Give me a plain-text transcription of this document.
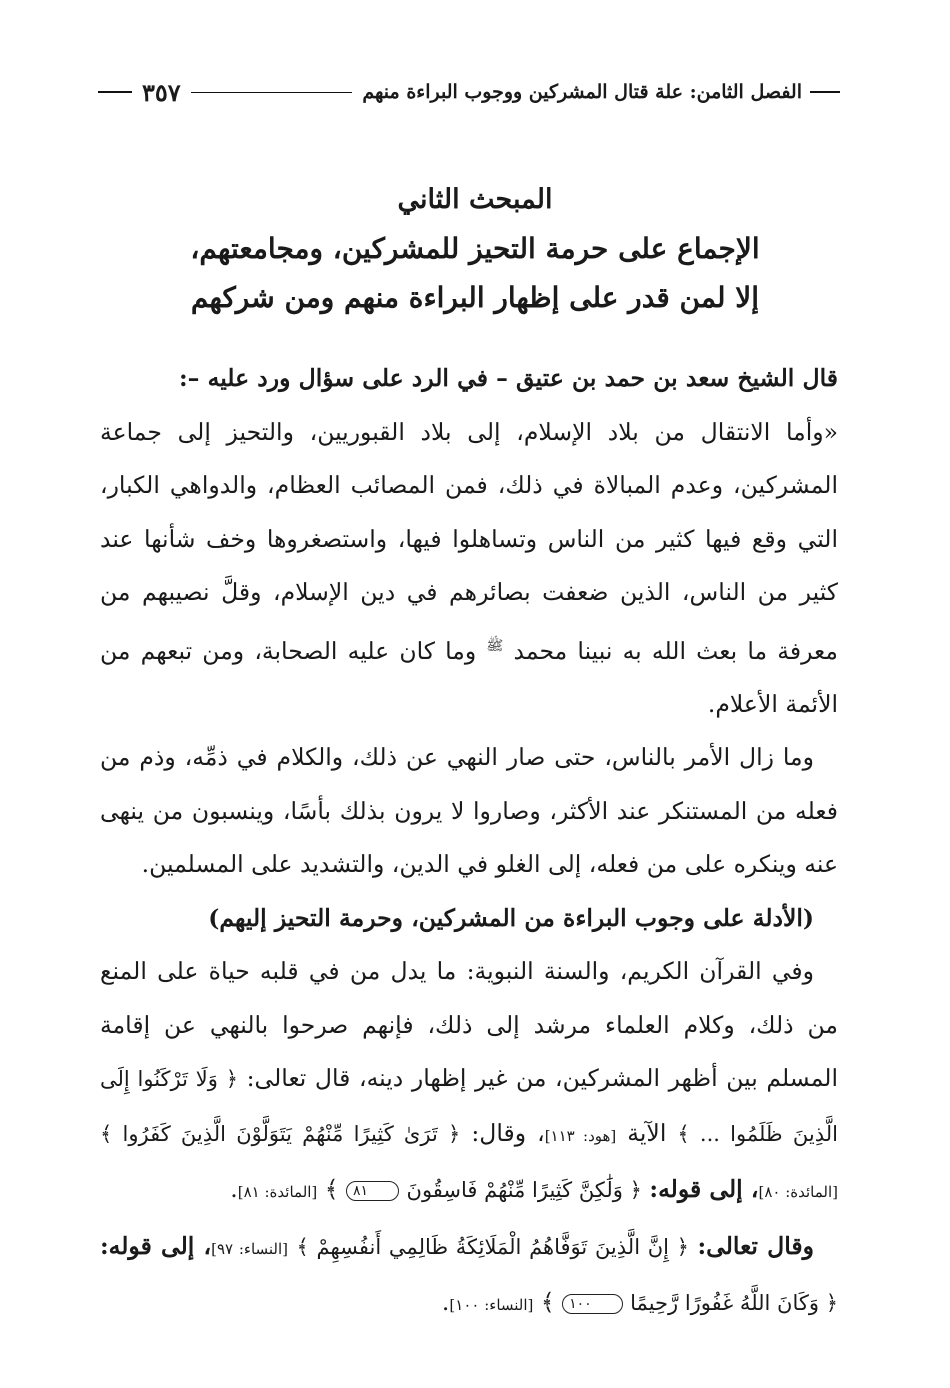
الفصل الثامن: علة قتال المشركين ووجوب البراءة منهم
٣٥٧
المبحث الثاني
الإجماع على حرمة التحيز للمشركين، ومجامعتهم،
إلا لمن قدر على إظهار البراءة منهم ومن شركهم

قال الشيخ سعد بن حمد بن عتيق – في الرد على سؤال ورد عليه –:

«وأما الانتقال من بلاد الإسلام، إلى بلاد القبوريين، والتحيز إلى جماعة المشركين، وعدم المبالاة في ذلك، فمن المصائب العظام، والدواهي الكبار، التي وقع فيها كثير من الناس وتساهلوا فيها، واستصغروها وخف شأنها عند كثير من الناس، الذين ضعفت بصائرهم في دين الإسلام، وقلَّ نصيبهم من معرفة ما بعث الله به نبينا محمد $^ﷺ$ وما كان عليه الصحابة، ومن تبعهم من الأئمة الأعلام.

وما زال الأمر بالناس، حتى صار النهي عن ذلك، والكلام في ذمِّه، وذم من فعله من المستنكر عند الأكثر، وصاروا لا يرون بذلك بأسًا، وينسبون من ينهى عنه وينكره على من فعله، إلى الغلو في الدين، والتشديد على المسلمين.

(الأدلة على وجوب البراءة من المشركين، وحرمة التحيز إليهم)

وفي القرآن الكريم، والسنة النبوية: ما يدل من في قلبه حياة على المنع من ذلك، وكلام العلماء مرشد إلى ذلك، فإنهم صرحوا بالنهي عن إقامة المسلم بين أظهر المشركين، من غير إظهار دينه، قال تعالى: ﴿ وَلَا تَرْكَنُوا إِلَى الَّذِينَ ظَلَمُوا ... ﴾ الآية [هود: ١١٣]، وقال: ﴿ تَرَىٰ كَثِيرًا مِّنْهُمْ يَتَوَلَّوْنَ الَّذِينَ كَفَرُوا ﴾ [المائدة: ٨٠]، إلى قوله: ﴿ وَلَٰكِنَّ كَثِيرًا مِّنْهُمْ فَاسِقُونَ ٨١ ﴾ [المائدة: ٨١].

وقال تعالى: ﴿ إِنَّ الَّذِينَ تَوَفَّاهُمُ الْمَلَائِكَةُ ظَالِمِي أَنفُسِهِمْ ﴾ [النساء: ٩٧]، إلى قوله: ﴿ وَكَانَ اللَّهُ غَفُورًا رَّحِيمًا ١٠٠ ﴾ [النساء: ١٠٠].
